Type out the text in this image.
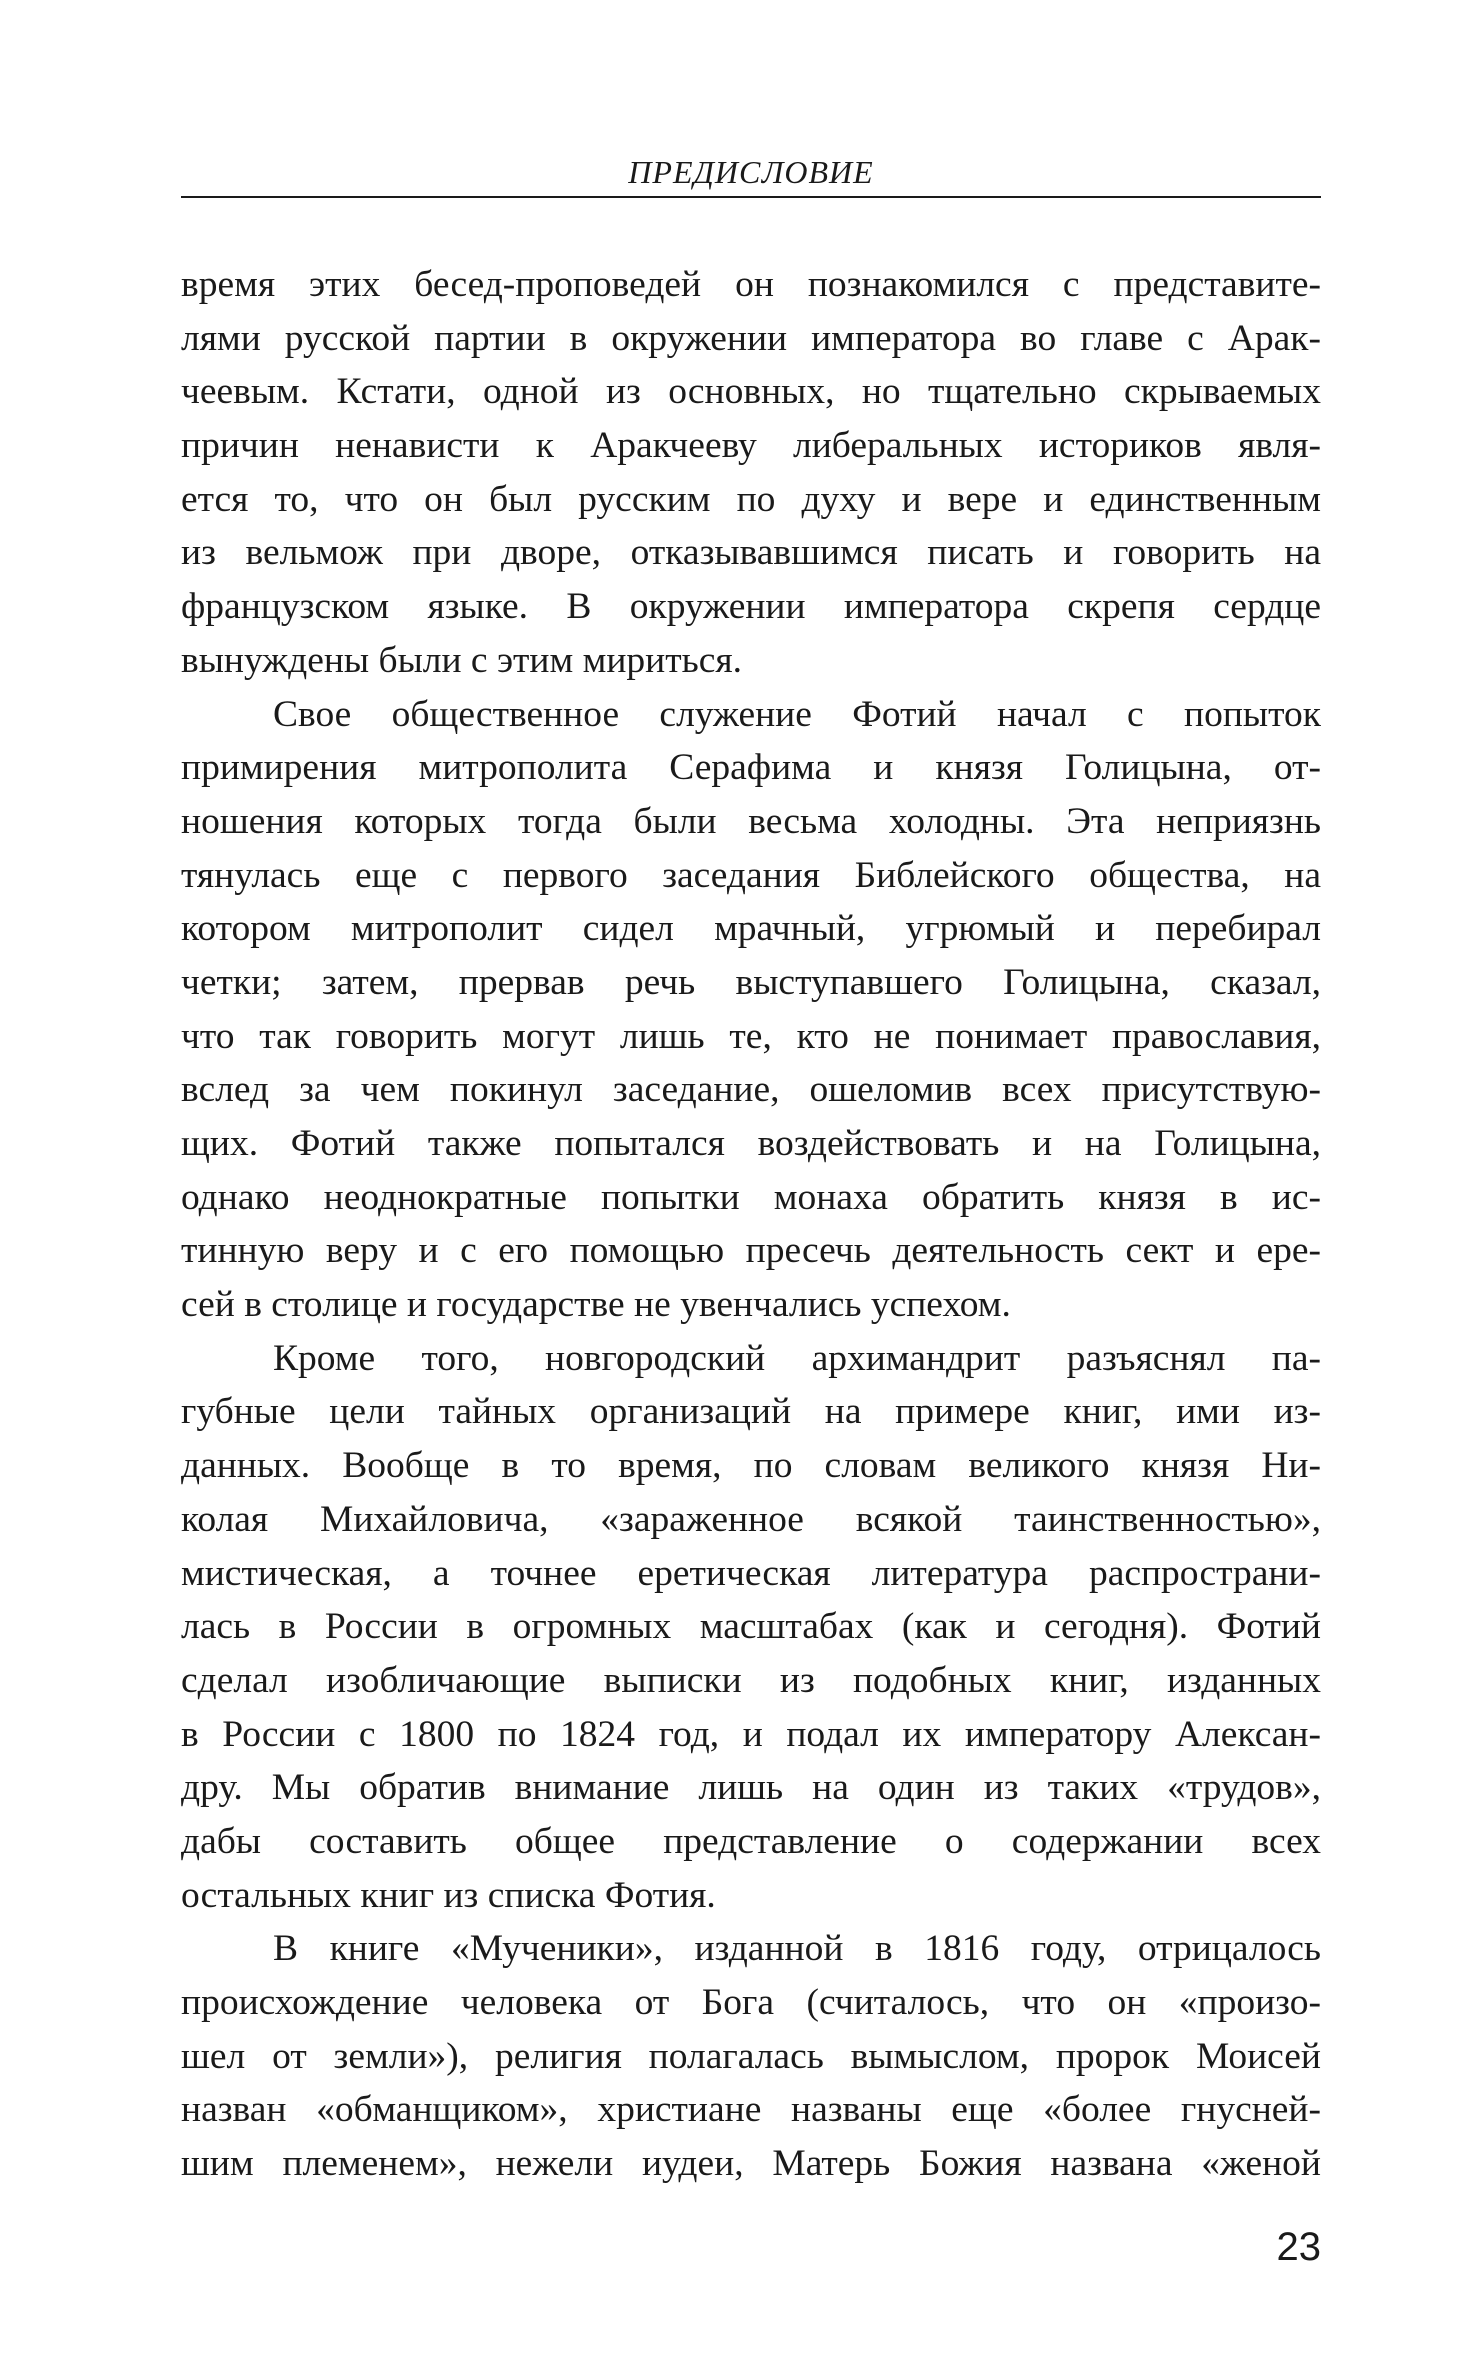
ПРЕДИСЛОВИЕ
время этих бесед-проповедей он познакомился с представите-
лями русской партии в окружении императора во главе с Арак-
чеевым. Кстати, одной из основных, но тщательно скрываемых
причин ненависти к Аракчееву либеральных историков явля-
ется то, что он был русским по духу и вере и единственным
из вельмож при дворе, отказывавшимся писать и говорить на
французском языке. В окружении императора скрепя сердце
вынуждены были с этим мириться.
Свое общественное служение Фотий начал с попыток
примирения митрополита Серафима и князя Голицына, от-
ношения которых тогда были весьма холодны. Эта неприязнь
тянулась еще с первого заседания Библейского общества, на
котором митрополит сидел мрачный, угрюмый и перебирал
четки; затем, прервав речь выступавшего Голицына, сказал,
что так говорить могут лишь те, кто не понимает православия,
вслед за чем покинул заседание, ошеломив всех присутствую-
щих. Фотий также попытался воздействовать и на Голицына,
однако неоднократные попытки монаха обратить князя в ис-
тинную веру и с его помощью пресечь деятельность сект и ере-
сей в столице и государстве не увенчались успехом.
Кроме того, новгородский архимандрит разъяснял па-
губные цели тайных организаций на примере книг, ими из-
данных. Вообще в то время, по словам великого князя Ни-
колая Михайловича, «зараженное всякой таинственностью»,
мистическая, а точнее еретическая литература распространи-
лась в России в огромных масштабах (как и сегодня). Фотий
сделал изобличающие выписки из подобных книг, изданных
в России с 1800 по 1824 год, и подал их императору Алексан-
дру. Мы обратив внимание лишь на один из таких «трудов»,
дабы составить общее представление о содержании всех
остальных книг из списка Фотия.
В книге «Мученики», изданной в 1816 году, отрицалось
происхождение человека от Бога (считалось, что он «произо-
шел от земли»), религия полагалась вымыслом, пророк Моисей
назван «обманщиком», христиане названы еще «более гнусней-
шим племенем», нежели иудеи, Матерь Божия названа «женой
23
